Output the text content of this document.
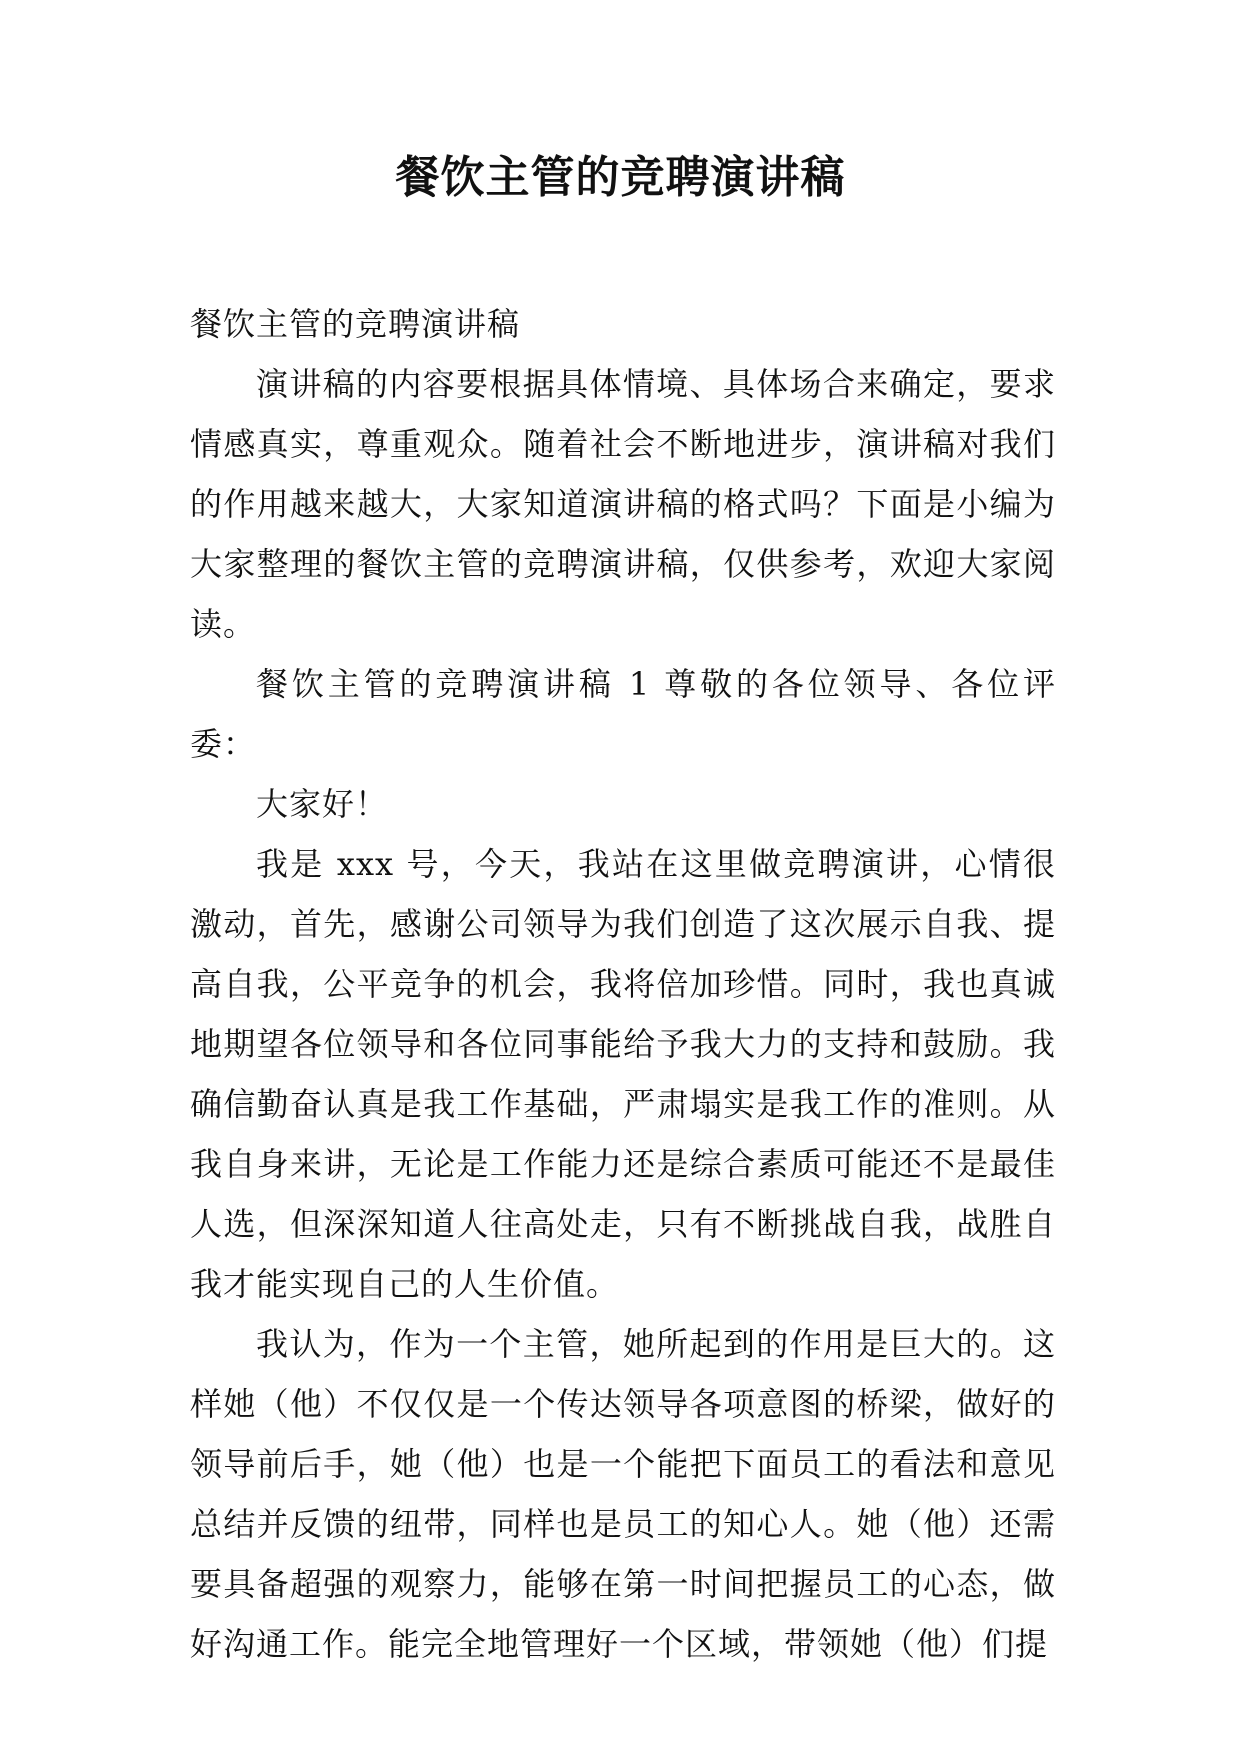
餐饮主管的竞聘演讲稿

餐饮主管的竞聘演讲稿

演讲稿的内容要根据具体情境、具体场合来确定，要求情感真实，尊重观众。随着社会不断地进步，演讲稿对我们的作用越来越大，大家知道演讲稿的格式吗？下面是小编为大家整理的餐饮主管的竞聘演讲稿，仅供参考，欢迎大家阅读。

餐饮主管的竞聘演讲稿 1 尊敬的各位领导、各位评委：

大家好！

我是 xxx 号，今天，我站在这里做竞聘演讲，心情很激动，首先，感谢公司领导为我们创造了这次展示自我、提高自我，公平竞争的机会，我将倍加珍惜。同时，我也真诚地期望各位领导和各位同事能给予我大力的支持和鼓励。我确信勤奋认真是我工作基础，严肃塌实是我工作的准则。从我自身来讲，无论是工作能力还是综合素质可能还不是最佳人选，但深深知道人往高处走，只有不断挑战自我，战胜自我才能实现自己的人生价值。

我认为，作为一个主管，她所起到的作用是巨大的。这样她（他）不仅仅是一个传达领导各项意图的桥梁，做好的领导前后手，她（他）也是一个能把下面员工的看法和意见总结并反馈的纽带，同样也是员工的知心人。她（他）还需要具备超强的观察力，能够在第一时间把握员工的心态，做好沟通工作。能完全地管理好一个区域，带领她（他）们提
